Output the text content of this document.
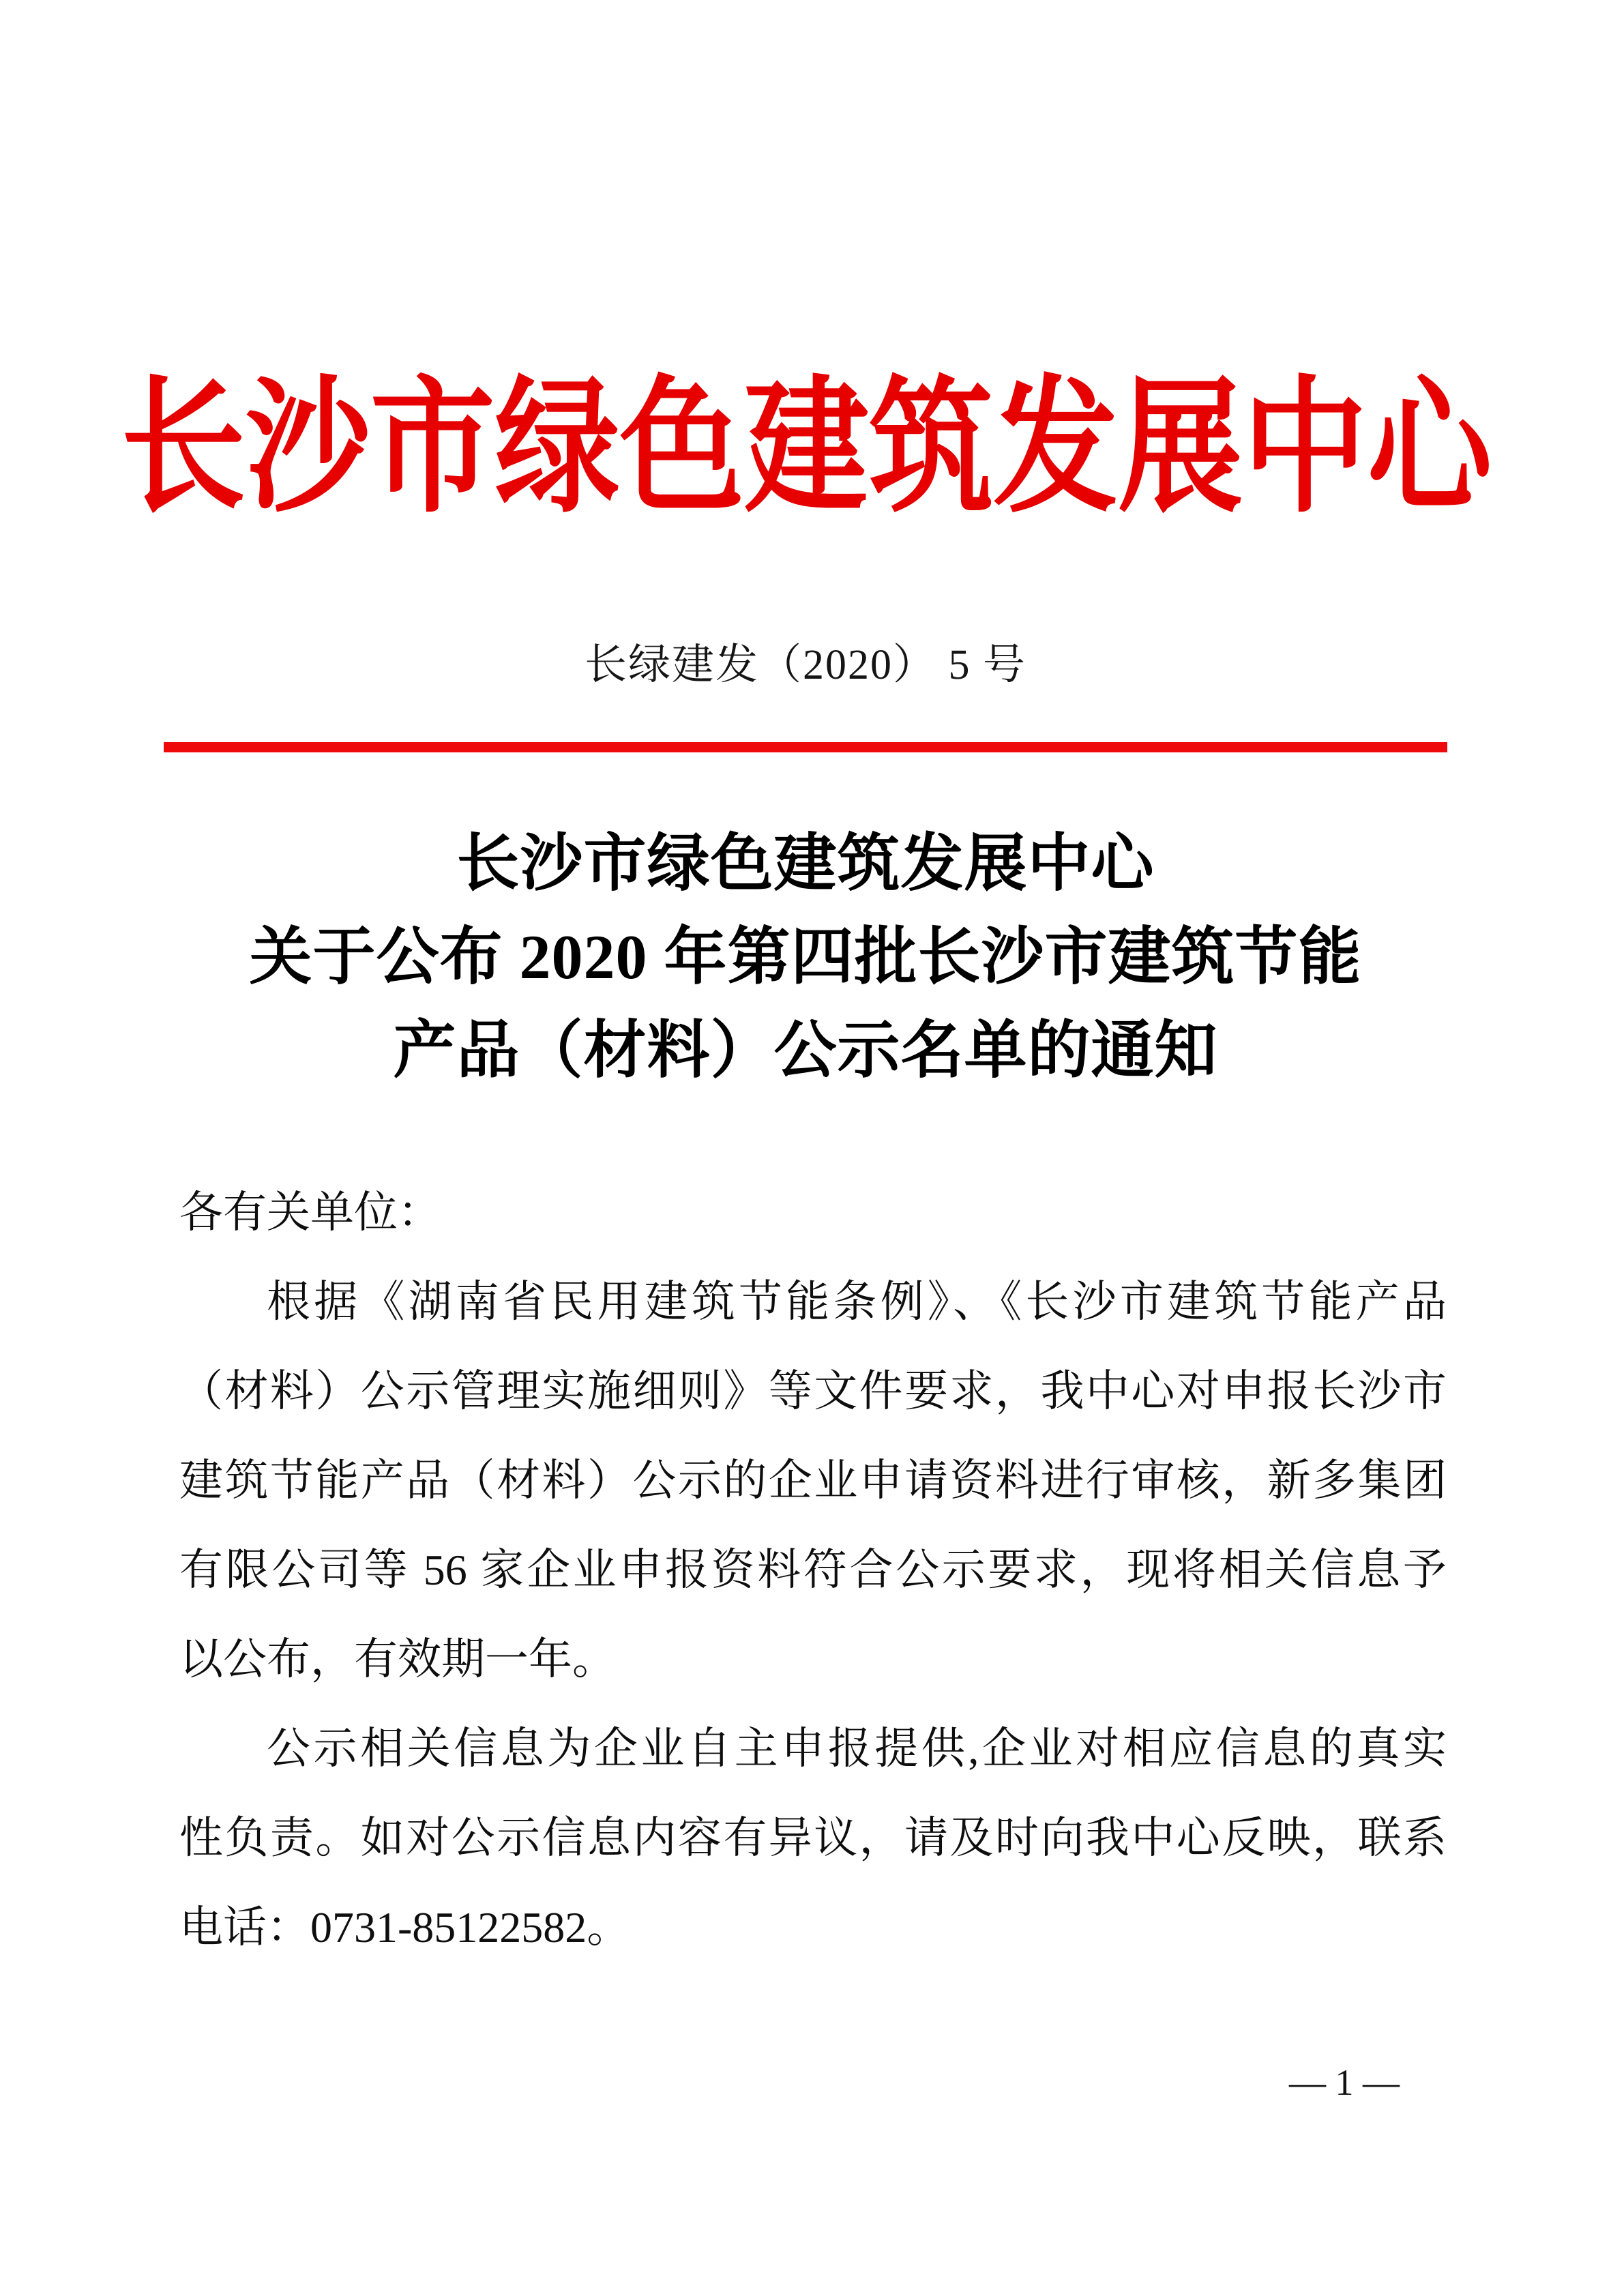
长沙市绿色建筑发展中心
长绿建发（2020） 5 号
长沙市绿色建筑发展中心
关于公布 2020 年第四批长沙市建筑节能
产品（材料）公示名单的通知
各有关单位：
根据《湖南省民用建筑节能条例》、《长沙市建筑节能产品
（材料）公示管理实施细则》等文件要求，我中心对申报长沙市
建筑节能产品（材料）公示的企业申请资料进行审核，新多集团
有限公司等 56 家企业申报资料符合公示要求，现将相关信息予
以公布，有效期一年。
公示相关信息为企业自主申报提供,企业对相应信息的真实
性负责。如对公示信息内容有异议，请及时向我中心反映，联系
电话：0731-85122582。
— 1 —
